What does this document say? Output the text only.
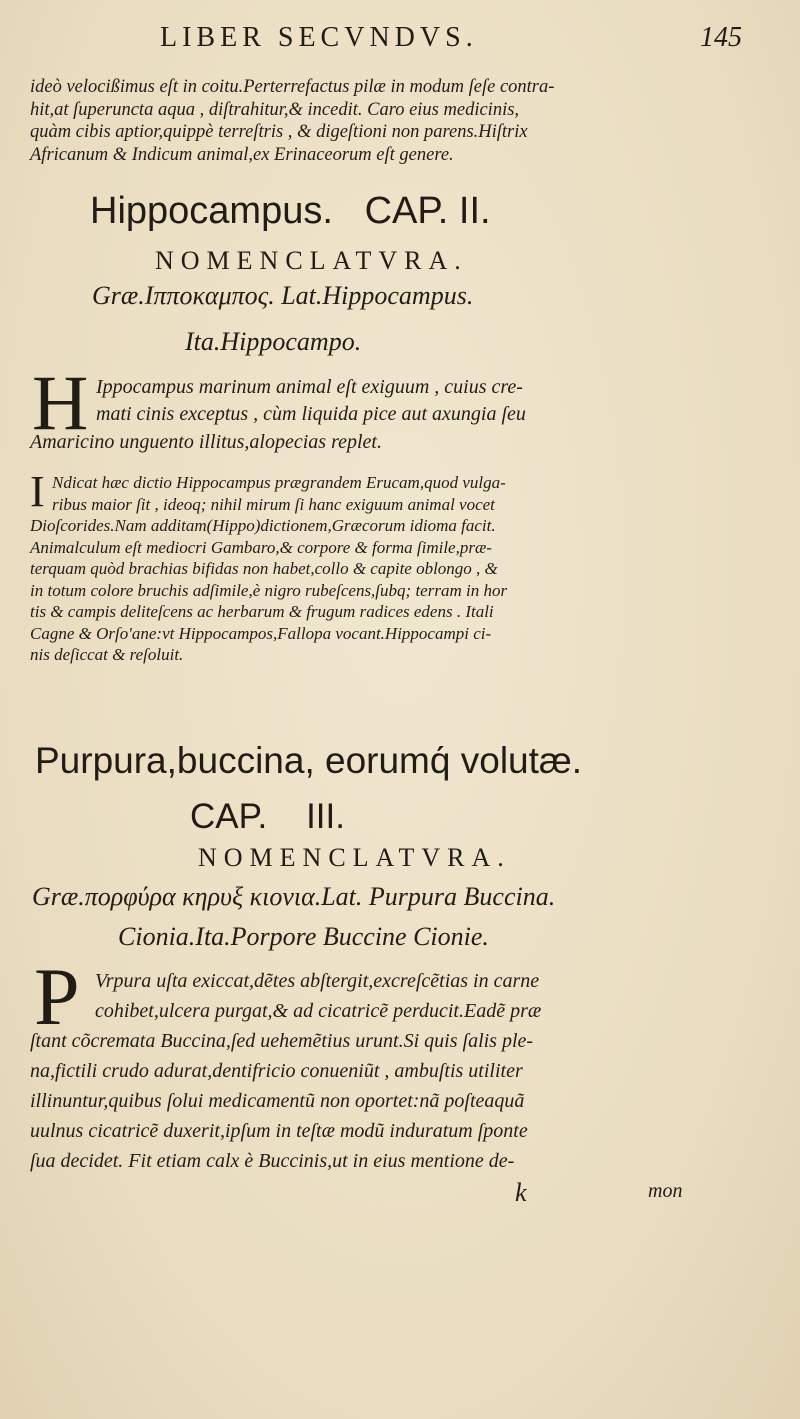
LIBER SECVNDVS.	145
ideò velocißimus eſt in coitu.Perterrefactus pilæ in modum ſeſe contra-
hit,at ſuperuncta aqua , diſtrahitur,& incedit. Caro eius medicinis,
quàm cibis aptior,quippè terreſtris , & digeſtioni non parens.Hiſtrix
Africanum & Indicum animal,ex Erinaceorum eſt genere.
Hippocampus.   CAP. II.
NOMENCLATVRA.
Græ.Ιπποκαμπος. Lat.Hippocampus.
Ita.Hippocampo.
H Ippocampus marinum animal eſt exiguum , cuius cre-
mati cinis exceptus , cùm liquida pice aut axungia ſeu
Amaricino unguento illitus,alopecias replet.
I Ndicat hæc dictio Hippocampus prægrandem Erucam,quod vulga-
ribus maior ſit , ideoq; nihil mirum ſi hanc exiguum animal vocet
Dioſcorides.Nam additam(Hippo)dictionem,Græcorum idioma facit.
Animalculum eſt mediocri Gambaro,& corpore & forma ſimile,præ-
terquam quòd brachias bifidas non habet,collo & capite oblongo , &
in totum colore bruchis adſimile,è nigro rubeſcens,ſubq; terram in hor
tis & campis deliteſcens ac herbarum & frugum radices edens . Itali
Cagne & Orſo'ane:vt Hippocampos,Fallopa vocant.Hippocampi ci-
nis deſiccat & reſoluit.
Purpura,buccina, eorumq́ volutæ.
CAP.    III.
NOMENCLATVRA.
Græ.πορφύρα κηρυξ κιονια.Lat. Purpura Buccina.
Cionia.Ita.Porpore Buccine Cionie.
P Vrpura uſta exiccat,dẽtes abſtergit,excreſcẽtias in carne
cohibet,ulcera purgat,& ad cicatricẽ perducit.Eadẽ præ
ſtant cõcremata Buccina,ſed uehemẽtius urunt.Si quis ſalis ple-
na,fictili crudo adurat,dentifricio conueniũt , ambuſtis utiliter
illinuntur,quibus ſolui medicamentũ non oportet:nã poſteaquã
uulnus cicatricẽ duxerit,ipſum in teſtæ modũ induratum ſponte
ſua decidet. Fit etiam calx è Buccinis,ut in eius mentione de-
k	mon
